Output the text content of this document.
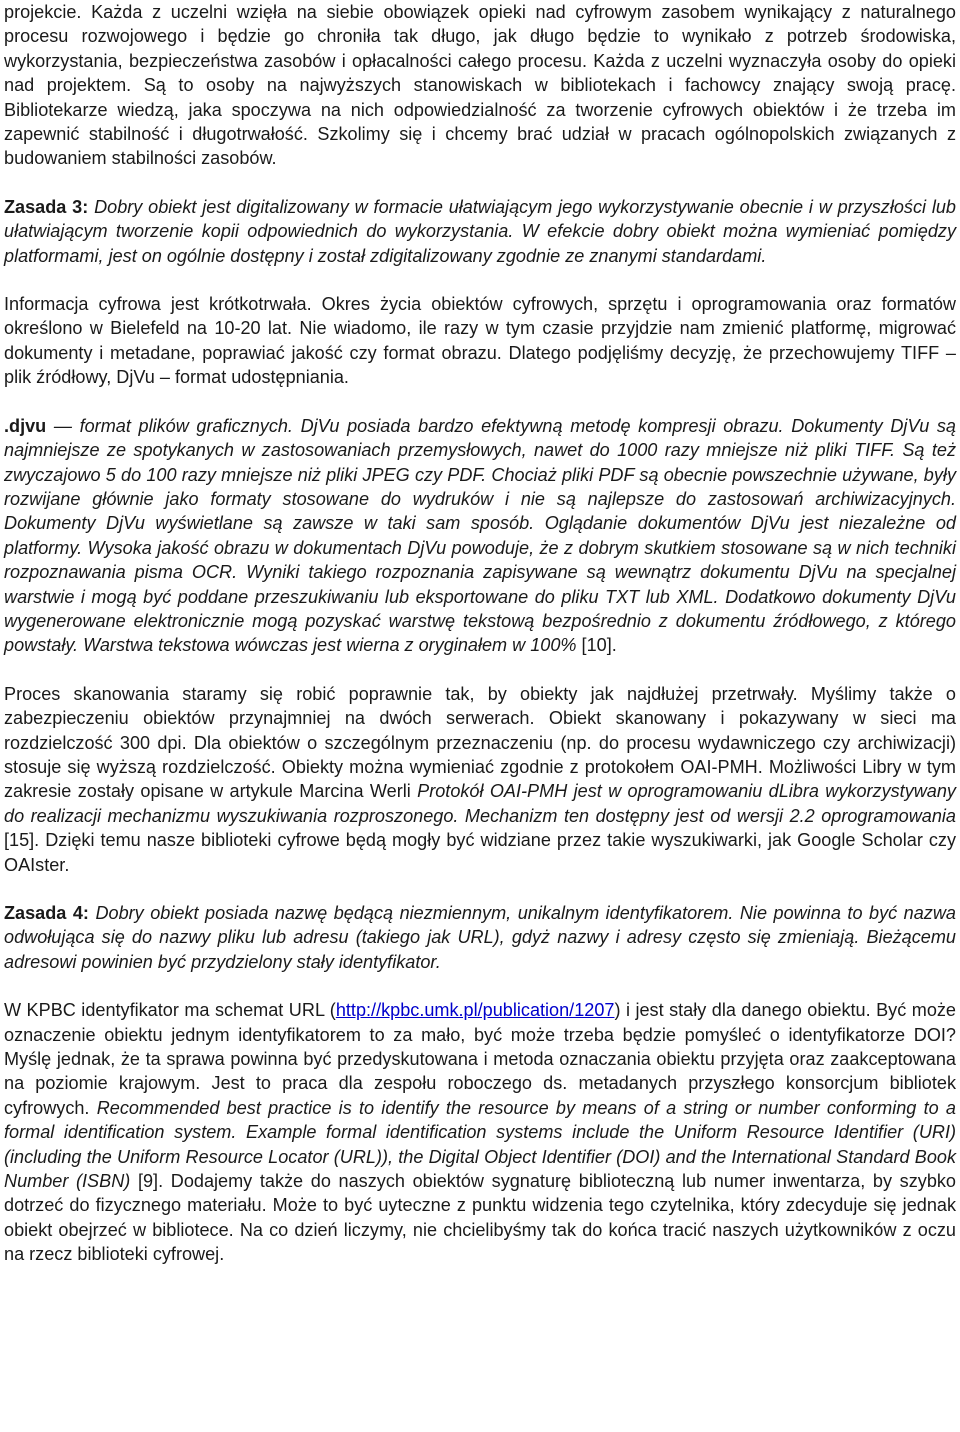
projekcie. Każda z uczelni wzięła na siebie obowiązek opieki nad cyfrowym zasobem wynikający z naturalnego procesu rozwojowego i będzie go chroniła tak długo, jak długo będzie to wynikało z potrzeb środowiska, wykorzystania, bezpieczeństwa zasobów i opłacalności całego procesu. Każda z uczelni wyznaczyła osoby do opieki nad projektem. Są to osoby na najwyższych stanowiskach w bibliotekach i fachowcy znający swoją pracę. Bibliotekarze wiedzą, jaka spoczywa na nich odpowiedzialność za tworzenie cyfrowych obiektów i że trzeba im zapewnić stabilność i długotrwałość. Szkolimy się i chcemy brać udział w pracach ogólnopolskich związanych z budowaniem stabilności zasobów.

Zasada 3: Dobry obiekt jest digitalizowany w formacie ułatwiającym jego wykorzystywanie obecnie i w przyszłości lub ułatwiającym tworzenie kopii odpowiednich do wykorzystania. W efekcie dobry obiekt można wymieniać pomiędzy platformami, jest on ogólnie dostępny i został zdigitalizowany zgodnie ze znanymi standardami.

Informacja cyfrowa jest krótkotrwała. Okres życia obiektów cyfrowych, sprzętu i oprogramowania oraz formatów określono w Bielefeld na 10-20 lat. Nie wiadomo, ile razy w tym czasie przyjdzie nam zmienić platformę, migrować dokumenty i metadane, poprawiać jakość czy format obrazu. Dlatego podjęliśmy decyzję, że przechowujemy TIFF – plik źródłowy, DjVu – format udostępniania.

.djvu — format plików graficznych. DjVu posiada bardzo efektywną metodę kompresji obrazu. Dokumenty DjVu są najmniejsze ze spotykanych w zastosowaniach przemysłowych, nawet do 1000 razy mniejsze niż pliki TIFF. Są też zwyczajowo 5 do 100 razy mniejsze niż pliki JPEG czy PDF. Chociaż pliki PDF są obecnie powszechnie używane, były rozwijane głównie jako formaty stosowane do wydruków i nie są najlepsze do zastosowań archiwizacyjnych. Dokumenty DjVu wyświetlane są zawsze w taki sam sposób. Oglądanie dokumentów DjVu jest niezależne od platformy. Wysoka jakość obrazu w dokumentach DjVu powoduje, że z dobrym skutkiem stosowane są w nich techniki rozpoznawania pisma OCR. Wyniki takiego rozpoznania zapisywane są wewnątrz dokumentu DjVu na specjalnej warstwie i mogą być poddane przeszukiwaniu lub eksportowane do pliku TXT lub XML. Dodatkowo dokumenty DjVu wygenerowane elektronicznie mogą pozyskać warstwę tekstową bezpośrednio z dokumentu źródłowego, z którego powstały. Warstwa tekstowa wówczas jest wierna z oryginałem w 100% [10].

Proces skanowania staramy się robić poprawnie tak, by obiekty jak najdłużej przetrwały. Myślimy także o zabezpieczeniu obiektów przynajmniej na dwóch serwerach. Obiekt skanowany i pokazywany w sieci ma rozdzielczość 300 dpi. Dla obiektów o szczególnym przeznaczeniu (np. do procesu wydawniczego czy archiwizacji) stosuje się wyższą rozdzielczość. Obiekty można wymieniać zgodnie z protokołem OAI-PMH. Możliwości Libry w tym zakresie zostały opisane w artykule Marcina Werli Protokół OAI-PMH jest w oprogramowaniu dLibra wykorzystywany do realizacji mechanizmu wyszukiwania rozproszonego. Mechanizm ten dostępny jest od wersji 2.2 oprogramowania [15]. Dzięki temu nasze biblioteki cyfrowe będą mogły być widziane przez takie wyszukiwarki, jak Google Scholar czy OAIster.

Zasada 4: Dobry obiekt posiada nazwę będącą niezmiennym, unikalnym identyfikatorem. Nie powinna to być nazwa odwołująca się do nazwy pliku lub adresu (takiego jak URL), gdyż nazwy i adresy często się zmieniają. Bieżącemu adresowi powinien być przydzielony stały identyfikator.

W KPBC identyfikator ma schemat URL (http://kpbc.umk.pl/publication/1207) i jest stały dla danego obiektu. Być może oznaczenie obiektu jednym identyfikatorem to za mało, być może trzeba będzie pomyśleć o identyfikatorze DOI? Myślę jednak, że ta sprawa powinna być przedyskutowana i metoda oznaczania obiektu przyjęta oraz zaakceptowana na poziomie krajowym. Jest to praca dla zespołu roboczego ds. metadanych przyszłego konsorcjum bibliotek cyfrowych. Recommended best practice is to identify the resource by means of a string or number conforming to a formal identification system. Example formal identification systems include the Uniform Resource Identifier (URI) (including the Uniform Resource Locator (URL)), the Digital Object Identifier (DOI) and the International Standard Book Number (ISBN) [9]. Dodajemy także do naszych obiektów sygnaturę biblioteczną lub numer inwentarza, by szybko dotrzeć do fizycznego materiału. Może to być uyteczne z punktu widzenia tego czytelnika, który zdecyduje się jednak obiekt obejrzeć w bibliotece. Na co dzień liczymy, nie chcielibyśmy tak do końca tracić naszych użytkowników z oczu na rzecz biblioteki cyfrowej.
